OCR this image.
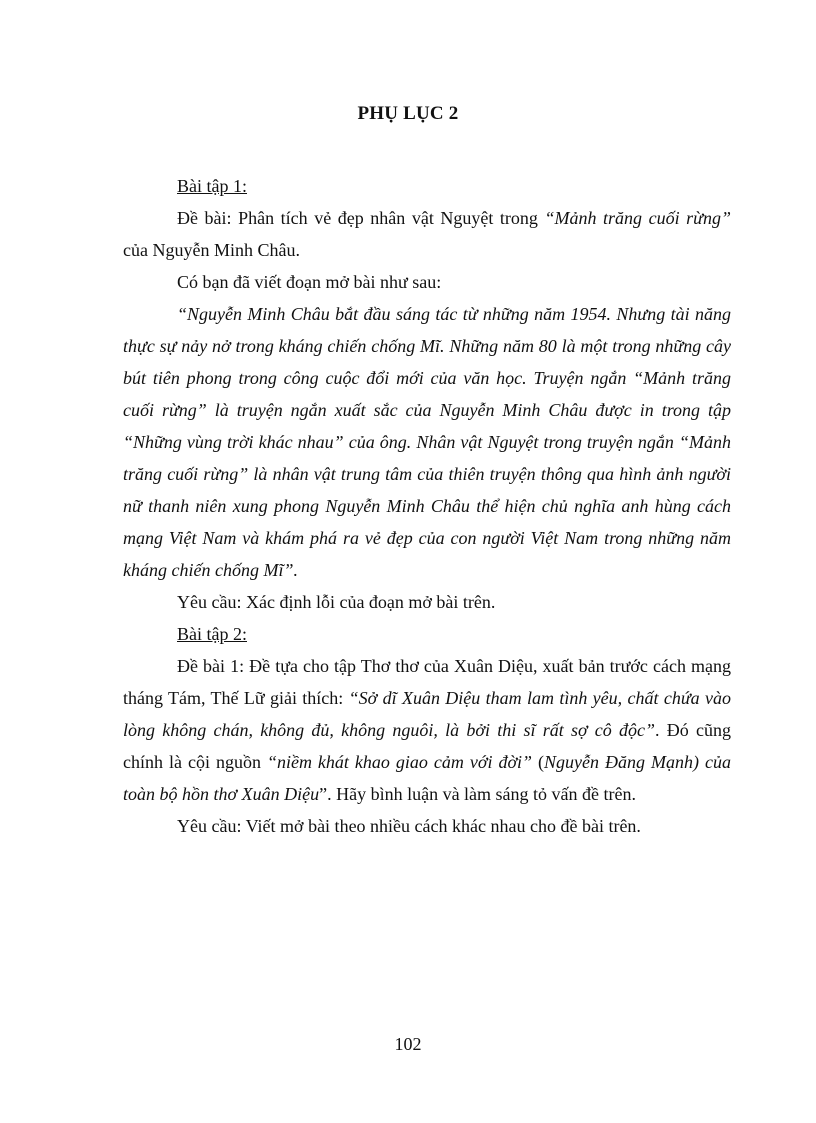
PHỤ LỤC 2

Bài tập 1:

Đề bài: Phân tích vẻ đẹp nhân vật Nguyệt trong “Mảnh trăng cuối rừng” của Nguyễn Minh Châu.

Có bạn đã viết đoạn mở bài như sau:

“Nguyễn Minh Châu bắt đầu sáng tác từ những năm 1954. Nhưng tài năng thực sự nảy nở trong kháng chiến chống Mĩ. Những năm 80 là một trong những cây bút tiên phong trong công cuộc đổi mới của văn học. Truyện ngắn “Mảnh trăng cuối rừng” là truyện ngắn xuất sắc của Nguyễn Minh Châu được in trong tập “Những vùng trời khác nhau” của ông. Nhân vật Nguyệt trong truyện ngắn “Mảnh trăng cuối rừng” là nhân vật trung tâm của thiên truyện thông qua hình ảnh người nữ thanh niên xung phong Nguyễn Minh Châu thể hiện chủ nghĩa anh hùng cách mạng Việt Nam và khám phá ra vẻ đẹp của con người Việt Nam trong những năm kháng chiến chống Mĩ”.

Yêu cầu: Xác định lỗi của đoạn mở bài trên.

Bài tập 2:

Đề bài 1: Đề tựa cho tập Thơ thơ của Xuân Diệu, xuất bản trước cách mạng tháng Tám, Thế Lữ giải thích: “Sở dĩ Xuân Diệu tham lam tình yêu, chất chứa vào lòng không chán, không đủ, không nguôi, là bởi thi sĩ rất sợ cô độc”. Đó cũng chính là cội nguồn “niềm khát khao giao cảm với đời” (Nguyễn Đăng Mạnh) của toàn bộ hồn thơ Xuân Diệu”. Hãy bình luận và làm sáng tỏ vấn đề trên.

Yêu cầu: Viết mở bài theo nhiều cách khác nhau cho đề bài trên.

102
